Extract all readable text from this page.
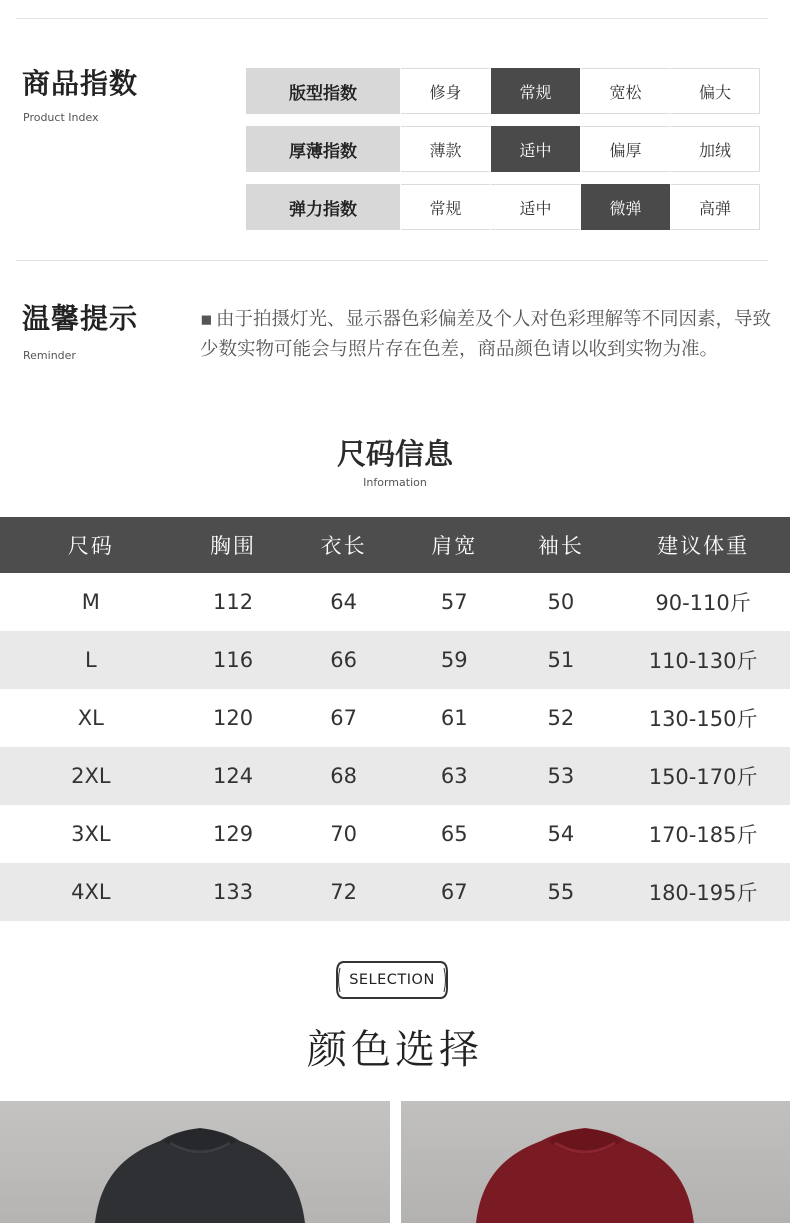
商品指数
Product Index
版型指数	修身	常规	宽松	偏大
厚薄指数	薄款	适中	偏厚	加绒
弹力指数	常规	适中	微弹	高弹
温馨提示
Reminder
▪ 由于拍摄灯光、显示器色彩偏差及个人对色彩理解等不同因素，导致少数实物可能会与照片存在色差，商品颜色请以收到实物为准。
尺码信息
Information
尺码	胸围	衣长	肩宽	袖长	建议体重
M	112	64	57	50	90-110斤
L	116	66	59	51	110-130斤
XL	120	67	61	52	130-150斤
2XL	124	68	63	53	150-170斤
3XL	129	70	65	54	170-185斤
4XL	133	72	67	55	180-195斤
SELECTION
颜色选择
